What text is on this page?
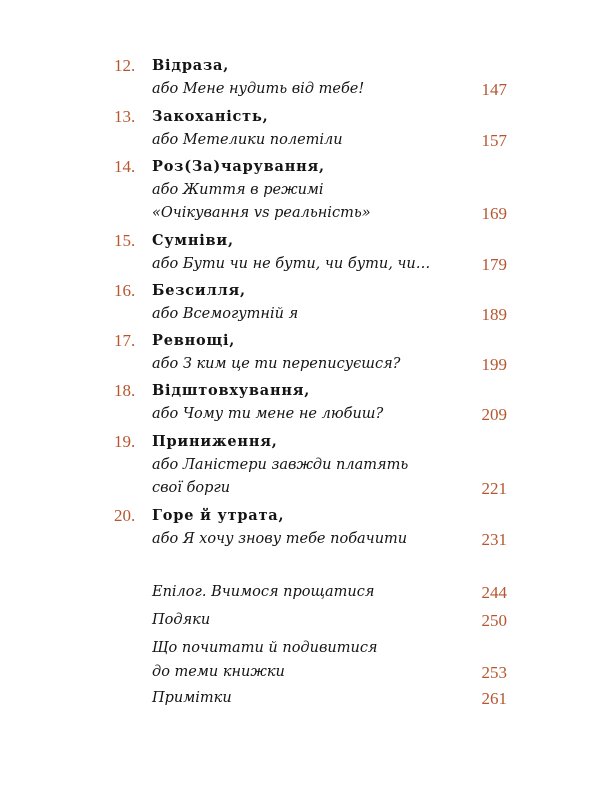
12. Відраза,
або Мене нудить від тебе!	147
13. Закоханість,
або Метелики полетіли	157
14. Роз(За)чарування,
або Життя в режимі
«Очікування vs реальність»	169
15. Сумніви,
або Бути чи не бути, чи бути, чи…	179
16. Безсилля,
або Всемогутній я	189
17. Ревнощі,
або З ким це ти переписуєшся?	199
18. Відштовхування,
або Чому ти мене не любиш?	209
19. Приниження,
або Ланістери завжди платять
свої борги	221
20. Горе й утрата,
або Я хочу знову тебе побачити	231
Епілог. Вчимося прощатися	244
Подяки	250
Що почитати й подивитися
до теми книжки	253
Примітки	261
